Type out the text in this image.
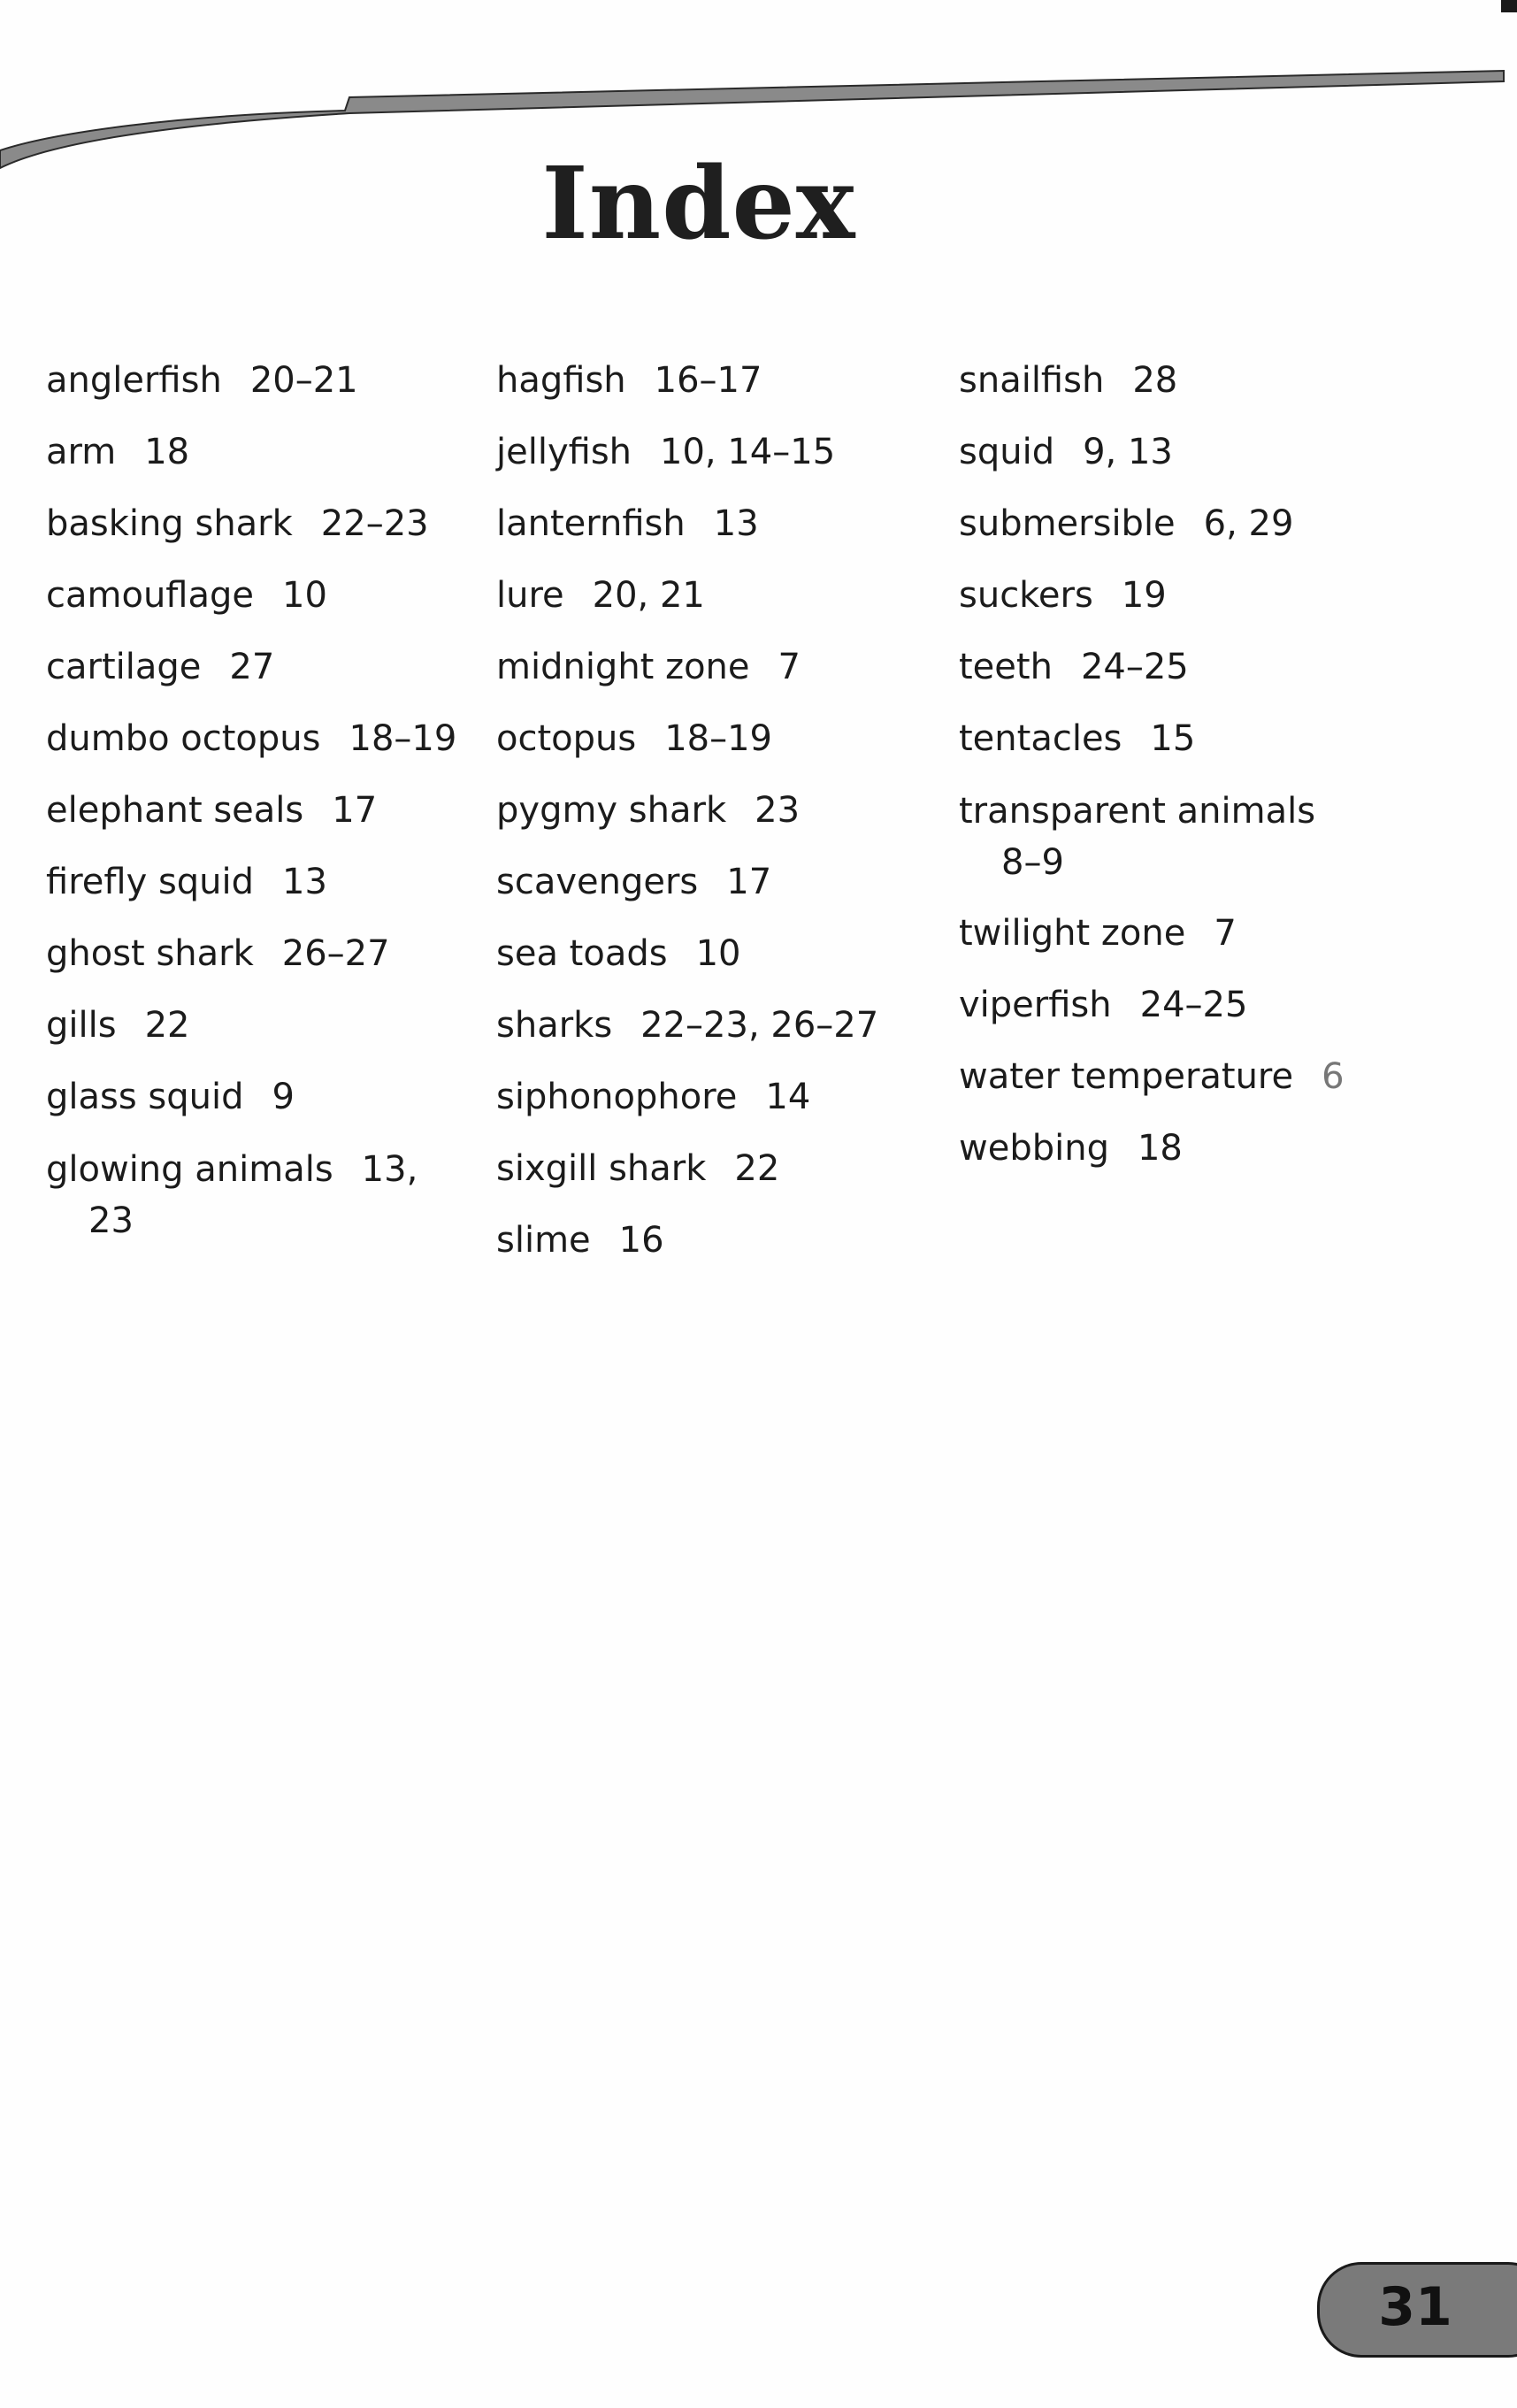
Index
anglerfish 20–21
arm 18
basking shark 22–23
camouflage 10
cartilage 27
dumbo octopus 18–19
elephant seals 17
firefly squid 13
ghost shark 26–27
gills 22
glass squid 9
glowing animals 13,
23
hagfish 16–17
jellyfish 10, 14–15
lanternfish 13
lure 20, 21
midnight zone 7
octopus 18–19
pygmy shark 23
scavengers 17
sea toads 10
sharks 22–23, 26–27
siphonophore 14
sixgill shark 22
slime 16
snailfish 28
squid 9, 13
submersible 6, 29
suckers 19
teeth 24–25
tentacles 15
transparent animals
8–9
twilight zone 7
viperfish 24–25
water temperature 6
webbing 18
31
